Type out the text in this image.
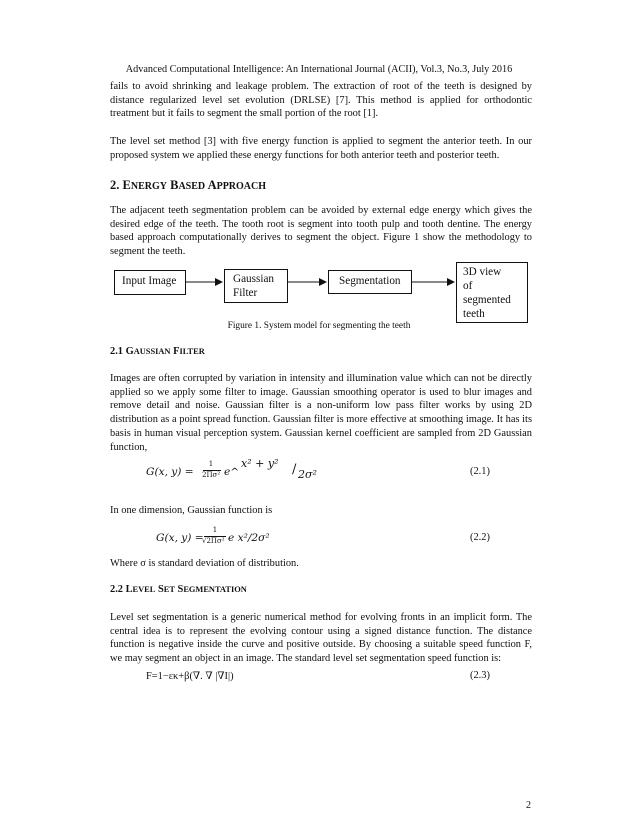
Advanced Computational Intelligence: An International Journal (ACII), Vol.3, No.3, July 2016

fails to avoid shrinking and leakage problem. The extraction of root of the teeth is designed by distance regularized level set evolution (DRLSE) [7]. This method is applied for orthodontic treatment but it fails to segment the small portion of the root [1].

The level set method [3] with five energy function is applied to segment the anterior teeth. In our proposed system we applied these energy functions for both anterior teeth and posterior teeth.

2. ENERGY BASED APPROACH

The adjacent teeth segmentation problem can be avoided by external edge energy which gives the desired edge of the teeth. The tooth root is segment into tooth pulp and tooth dentine. The energy based approach computationally derives to segment the object. Figure 1 show the methodology to segment the teeth.

Input Image	Gaussian
Filter
Segmentation
3D view
of
segmented
teeth
Figure 1. System model for segmenting the teeth
2.1 GAUSSIAN FILTER

Images are often corrupted by variation in intensity and illumination value which can not be directly applied so we apply some filter to image. Gaussian smoothing operator is used to blur images and remove detail and noise. Gaussian filter is a non-uniform low pass filter works by using 2D distribution as a point spread function. Gaussian filter is more effective at smoothing image. It has its basis in human visual perception system. Gaussian kernel coefficient are sampled from 2D Gaussian function,

G(x, y) =
1
2Πσ² e^
x² + y² / 2σ²	(2.1)

In one dimension, Gaussian function is

G(x, y) =
1
√2Πσ² e x²/2σ²	(2.2)

Where σ is standard deviation of distribution.

2.2 LEVEL SET SEGMENTATION

Level set segmentation is a generic numerical method for evolving fronts in an implicit form. The central idea is to represent the evolving contour using a signed distance function. The distance function is negative inside the curve and positive outside. By choosing a suitable speed function F, we may segment an object in an image. The standard level set segmentation speed function is:

F=1−εκ+β(∇. ∇ |∇I|)	(2.3)
2
